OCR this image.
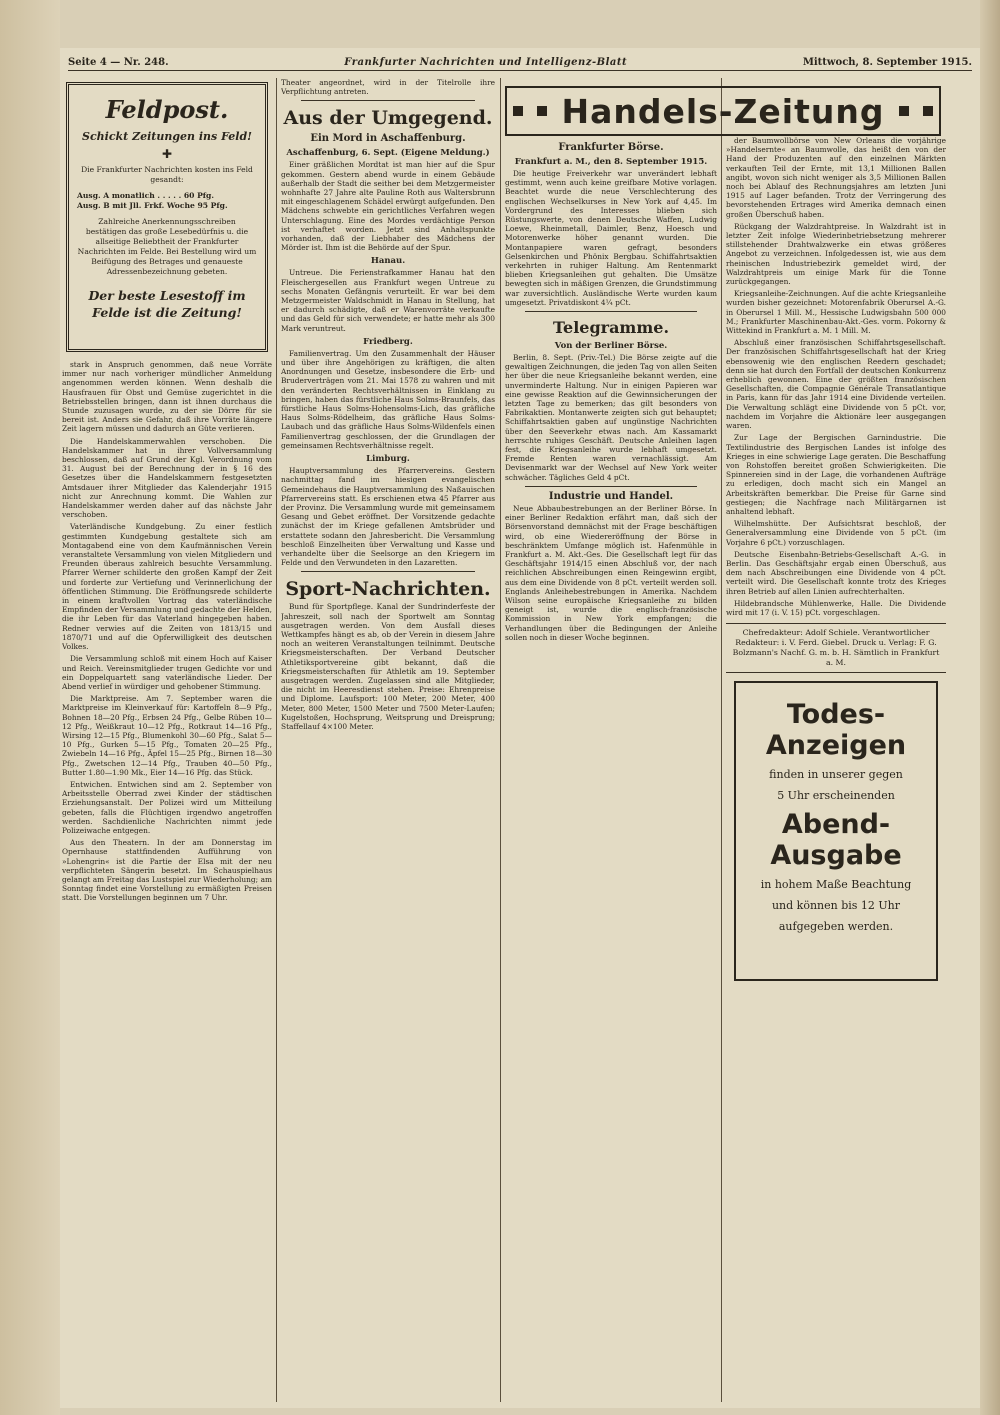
Seite 4 — Nr. 248.	Frankfurter Nachrichten und Intelligenz-Blatt	Mittwoch, 8. September 1915.
Feldpost.
Schickt Zeitungen ins Feld!
✚
Die Frankfurter Nachrichten kosten ins Feld gesandt:
Ausg. A monatlich . . . . . 60 Pfg.
Ausg. B mit Jll. Frkf. Woche 95 Pfg.
Zahlreiche Anerkennungsschreiben bestätigen das große Lesebedürfnis u. die allseitige Beliebtheit der Frankfurter Nachrichten im Felde. Bei Bestellung wird um Beifügung des Betrages und genaueste Adressenbezeichnung gebeten.
Der beste Lesestoff im Felde ist die Zeitung!

stark in Anspruch genommen, daß neue Vorräte immer nur nach vorheriger mündlicher Anmeldung angenommen werden können. Wenn deshalb die Hausfrauen für Obst und Gemüse zugerichtet in die Betriebsstellen bringen, dann ist ihnen durchaus die Stunde zuzusagen wurde, zu der sie Dörre für sie bereit ist. Anders sie Gefahr, daß ihre Vorräte längere Zeit lagern müssen und dadurch an Güte verlieren.

Die Handelskammerwahlen verschoben. Die Handelskammer hat in ihrer Vollversammlung beschlossen, daß auf Grund der Kgl. Verordnung vom 31. August bei der Berechnung der in § 16 des Gesetzes über die Handelskammern festgesetzten Amtsdauer ihrer Mitglieder das Kalenderjahr 1915 nicht zur Anrechnung kommt. Die Wahlen zur Handelskammer werden daher auf das nächste Jahr verschoben.

Vaterländische Kundgebung. Zu einer festlich gestimmten Kundgebung gestaltete sich am Montagabend eine von dem Kaufmännischen Verein veranstaltete Versammlung von vielen Mitgliedern und Freunden überaus zahlreich besuchte Versammlung. Pfarrer Werner schilderte den großen Kampf der Zeit und forderte zur Vertiefung und Verinnerlichung der öffentlichen Stimmung. Die Eröffnungsrede schilderte in einem kraftvollen Vortrag das vaterländische Empfinden der Versammlung und gedachte der Helden, die ihr Leben für das Vaterland hingegeben haben. Redner verwies auf die Zeiten von 1813/15 und 1870/71 und auf die Opferwilligkeit des deutschen Volkes.

Die Versammlung schloß mit einem Hoch auf Kaiser und Reich. Vereinsmitglieder trugen Gedichte vor und ein Doppelquartett sang vaterländische Lieder. Der Abend verlief in würdiger und gehobener Stimmung.

Die Marktpreise. Am 7. September waren die Marktpreise im Kleinverkauf für: Kartoffeln 8—9 Pfg., Bohnen 18—20 Pfg., Erbsen 24 Pfg., Gelbe Rüben 10—12 Pfg., Weißkraut 10—12 Pfg., Rotkraut 14—16 Pfg., Wirsing 12—15 Pfg., Blumenkohl 30—60 Pfg., Salat 5—10 Pfg., Gurken 5—15 Pfg., Tomaten 20—25 Pfg., Zwiebeln 14—16 Pfg., Äpfel 15—25 Pfg., Birnen 18—30 Pfg., Zwetschen 12—14 Pfg., Trauben 40—50 Pfg., Butter 1.80—1.90 Mk., Eier 14—16 Pfg. das Stück.

Entwichen. Entwichen sind am 2. September von Arbeitsstelle Oberrad zwei Kinder der städtischen Erziehungsanstalt. Der Polizei wird um Mitteilung gebeten, falls die Flüchtigen irgendwo angetroffen werden. Sachdienliche Nachrichten nimmt jede Polizeiwache entgegen.

Aus den Theatern. In der am Donnerstag im Opernhause stattfindenden Aufführung von »Lohengrin« ist die Partie der Elsa mit der neu verpflichteten Sängerin besetzt. Im Schauspielhaus gelangt am Freitag das Lustspiel zur Wiederholung; am Sonntag findet eine Vorstellung zu ermäßigten Preisen statt. Die Vorstellungen beginnen um 7 Uhr.

Theater angeordnet, wird in der Titelrolle ihre Verpflichtung antreten.

Aus der Umgegend.
Ein Mord in Aschaffenburg.
Aschaffenburg, 6. Sept. (Eigene Meldung.)

Einer gräßlichen Mordtat ist man hier auf die Spur gekommen. Gestern abend wurde in einem Gebäude außerhalb der Stadt die seither bei dem Metzgermeister wohnhafte 27 Jahre alte Pauline Roth aus Waltersbrunn mit eingeschlagenem Schädel erwürgt aufgefunden. Den Mädchens schwebte ein gerichtliches Verfahren wegen Unterschlagung. Eine des Mordes verdächtige Person ist verhaftet worden. Jetzt sind Anhaltspunkte vorhanden, daß der Liebhaber des Mädchens der Mörder ist. Ihm ist die Behörde auf der Spur.

Hanau.

Untreue. Die Ferienstrafkammer Hanau hat den Fleischergesellen aus Frankfurt wegen Untreue zu sechs Monaten Gefängnis verurteilt. Er war bei dem Metzgermeister Waldschmidt in Hanau in Stellung, hat er dadurch schädigte, daß er Warenvorräte verkaufte und das Geld für sich verwendete; er hatte mehr als 300 Mark veruntreut.

Friedberg.

Familienvertrag. Um den Zusammenhalt der Häuser und über ihre Angehörigen zu kräftigen, die alten Anordnungen und Gesetze, insbesondere die Erb- und Bruderverträgen vom 21. Mai 1578 zu wahren und mit den veränderten Rechtsverhältnissen in Einklang zu bringen, haben das fürstliche Haus Solms-Braunfels, das fürstliche Haus Solms-Hohensolms-Lich, das gräfliche Haus Solms-Rödelheim, das gräfliche Haus Solms-Laubach und das gräfliche Haus Solms-Wildenfels einen Familienvertrag geschlossen, der die Grundlagen der gemeinsamen Rechtsverhältnisse regelt.

Limburg.

Hauptversammlung des Pfarrervereins. Gestern nachmittag fand im hiesigen evangelischen Gemeindehaus die Hauptversammlung des Naßauischen Pfarrervereins statt. Es erschienen etwa 45 Pfarrer aus der Provinz. Die Versammlung wurde mit gemeinsamem Gesang und Gebet eröffnet. Der Vorsitzende gedachte zunächst der im Kriege gefallenen Amtsbrüder und erstattete sodann den Jahresbericht. Die Versammlung beschloß Einzelheiten über Verwaltung und Kasse und verhandelte über die Seelsorge an den Kriegern im Felde und den Verwundeten in den Lazaretten.

Sport-Nachrichten.

Bund für Sportpflege. Kanal der Sundrinderfeste der Jahreszeit, soll nach der Sportwelt am Sonntag ausgetragen werden. Von dem Ausfall dieses Wettkampfes hängt es ab, ob der Verein in diesem Jahre noch an weiteren Veranstaltungen teilnimmt. Deutsche Kriegsmeisterschaften. Der Verband Deutscher Athletiksportvereine gibt bekannt, daß die Kriegsmeisterschaften für Athletik am 19. September ausgetragen werden. Zugelassen sind alle Mitglieder, die nicht im Heeresdienst stehen. Preise: Ehrenpreise und Diplome. Laufsport: 100 Meter, 200 Meter, 400 Meter, 800 Meter, 1500 Meter und 7500 Meter-Laufen; Kugelstoßen, Hochsprung, Weitsprung und Dreisprung; Staffellauf 4×100 Meter.

Handels-Zeitung
Frankfurter Börse.
Frankfurt a. M., den 8. September 1915.

Die heutige Freiverkehr war unverändert lebhaft gestimmt, wenn auch keine greifbare Motive vorlagen. Beachtet wurde die neue Verschlechterung des englischen Wechselkurses in New York auf 4,45. Im Vordergrund des Interesses blieben sich Rüstungswerte, von denen Deutsche Waffen, Ludwig Loewe, Rheinmetall, Daimler, Benz, Hoesch und Motorenwerke höher genannt wurden. Die Montanpapiere waren gefragt, besonders Gelsenkirchen und Phönix Bergbau. Schiffahrtsaktien verkehrten in ruhiger Haltung. Am Rentenmarkt blieben Kriegsanleihen gut gehalten. Die Umsätze bewegten sich in mäßigen Grenzen, die Grundstimmung war zuversichtlich. Ausländische Werte wurden kaum umgesetzt. Privatdiskont 4¼ pCt.

Telegramme.
Von der Berliner Börse.

Berlin, 8. Sept. (Priv.-Tel.) Die Börse zeigte auf die gewaltigen Zeichnungen, die jeden Tag von allen Seiten her über die neue Kriegsanleihe bekannt werden, eine unverminderte Haltung. Nur in einigen Papieren war eine gewisse Reaktion auf die Gewinnsicherungen der letzten Tage zu bemerken; das gilt besonders von Fabrikaktien. Montanwerte zeigten sich gut behauptet; Schiffahrtsaktien gaben auf ungünstige Nachrichten über den Seeverkehr etwas nach. Am Kassamarkt herrschte ruhiges Geschäft. Deutsche Anleihen lagen fest, die Kriegsanleihe wurde lebhaft umgesetzt. Fremde Renten waren vernachlässigt. Am Devisenmarkt war der Wechsel auf New York weiter schwächer. Tägliches Geld 4 pCt.

Industrie und Handel.

Neue Abbaubestrebungen an der Berliner Börse. In einer Berliner Redaktion erfährt man, daß sich der Börsenvorstand demnächst mit der Frage beschäftigen wird, ob eine Wiedereröffnung der Börse in beschränktem Umfange möglich ist. Hafenmühle in Frankfurt a. M. Akt.-Ges. Die Gesellschaft legt für das Geschäftsjahr 1914/15 einen Abschluß vor, der nach reichlichen Abschreibungen einen Reingewinn ergibt, aus dem eine Dividende von 8 pCt. verteilt werden soll. Englands Anleihebestrebungen in Amerika. Nachdem Wilson seine europäische Kriegsanleihe zu bilden geneigt ist, wurde die englisch-französische Kommission in New York empfangen; die Verhandlungen über die Bedingungen der Anleihe sollen noch in dieser Woche beginnen.

der Baumwollbörse von New Orleans die vorjährige »Handelsernte« an Baumwolle, das heißt den von der Hand der Produzenten auf den einzelnen Märkten verkauften Teil der Ernte, mit 13,1 Millionen Ballen angibt, wovon sich nicht weniger als 3,5 Millionen Ballen noch bei Ablauf des Rechnungsjahres am letzten Juni 1915 auf Lager befanden. Trotz der Verringerung des bevorstehenden Ertrages wird Amerika demnach einen großen Überschuß haben.

Rückgang der Walzdrahtpreise. In Walzdraht ist in letzter Zeit infolge Wiederinbetriebsetzung mehrerer stillstehender Drahtwalzwerke ein etwas größeres Angebot zu verzeichnen. Infolgedessen ist, wie aus dem rheinischen Industriebezirk gemeldet wird, der Walzdrahtpreis um einige Mark für die Tonne zurückgegangen.

Kriegsanleihe-Zeichnungen. Auf die achte Kriegsanleihe wurden bisher gezeichnet: Motorenfabrik Oberursel A.-G. in Oberursel 1 Mill. M., Hessische Ludwigsbahn 500 000 M.; Frankfurter Maschinenbau-Akt.-Ges. vorm. Pokorny & Wittekind in Frankfurt a. M. 1 Mill. M.

Abschluß einer französischen Schiffahrtsgesellschaft. Der französischen Schiffahrtsgesellschaft hat der Krieg ebensowenig wie den englischen Reedern geschadet; denn sie hat durch den Fortfall der deutschen Konkurrenz erheblich gewonnen. Eine der größten französischen Gesellschaften, die Compagnie Générale Transatlantique in Paris, kann für das Jahr 1914 eine Dividende verteilen. Die Verwaltung schlägt eine Dividende von 5 pCt. vor, nachdem im Vorjahre die Aktionäre leer ausgegangen waren.

Zur Lage der Bergischen Garnindustrie. Die Textilindustrie des Bergischen Landes ist infolge des Krieges in eine schwierige Lage geraten. Die Beschaffung von Rohstoffen bereitet großen Schwierigkeiten. Die Spinnereien sind in der Lage, die vorhandenen Aufträge zu erledigen, doch macht sich ein Mangel an Arbeitskräften bemerkbar. Die Preise für Garne sind gestiegen; die Nachfrage nach Militärgarnen ist anhaltend lebhaft.

Wilhelmshütte. Der Aufsichtsrat beschloß, der Generalversammlung eine Dividende von 5 pCt. (im Vorjahre 6 pCt.) vorzuschlagen.

Deutsche Eisenbahn-Betriebs-Gesellschaft A.-G. in Berlin. Das Geschäftsjahr ergab einen Überschuß, aus dem nach Abschreibungen eine Dividende von 4 pCt. verteilt wird. Die Gesellschaft konnte trotz des Krieges ihren Betrieb auf allen Linien aufrechterhalten.

Hildebrandsche Mühlenwerke, Halle. Die Dividende wird mit 17 (i. V. 15) pCt. vorgeschlagen.

Chefredakteur: Adolf Schiele. Verantwortlicher Redakteur: i. V. Ferd. Giebel. Druck u. Verlag: F. G. Bolzmann's Nachf. G. m. b. H. Sämtlich in Frankfurt a. M.
Todes-Anzeigen
finden in unserer gegen
5 Uhr erscheinenden
Abend-Ausgabe
in hohem Maße Beachtung
und können bis 12 Uhr
aufgegeben werden.
